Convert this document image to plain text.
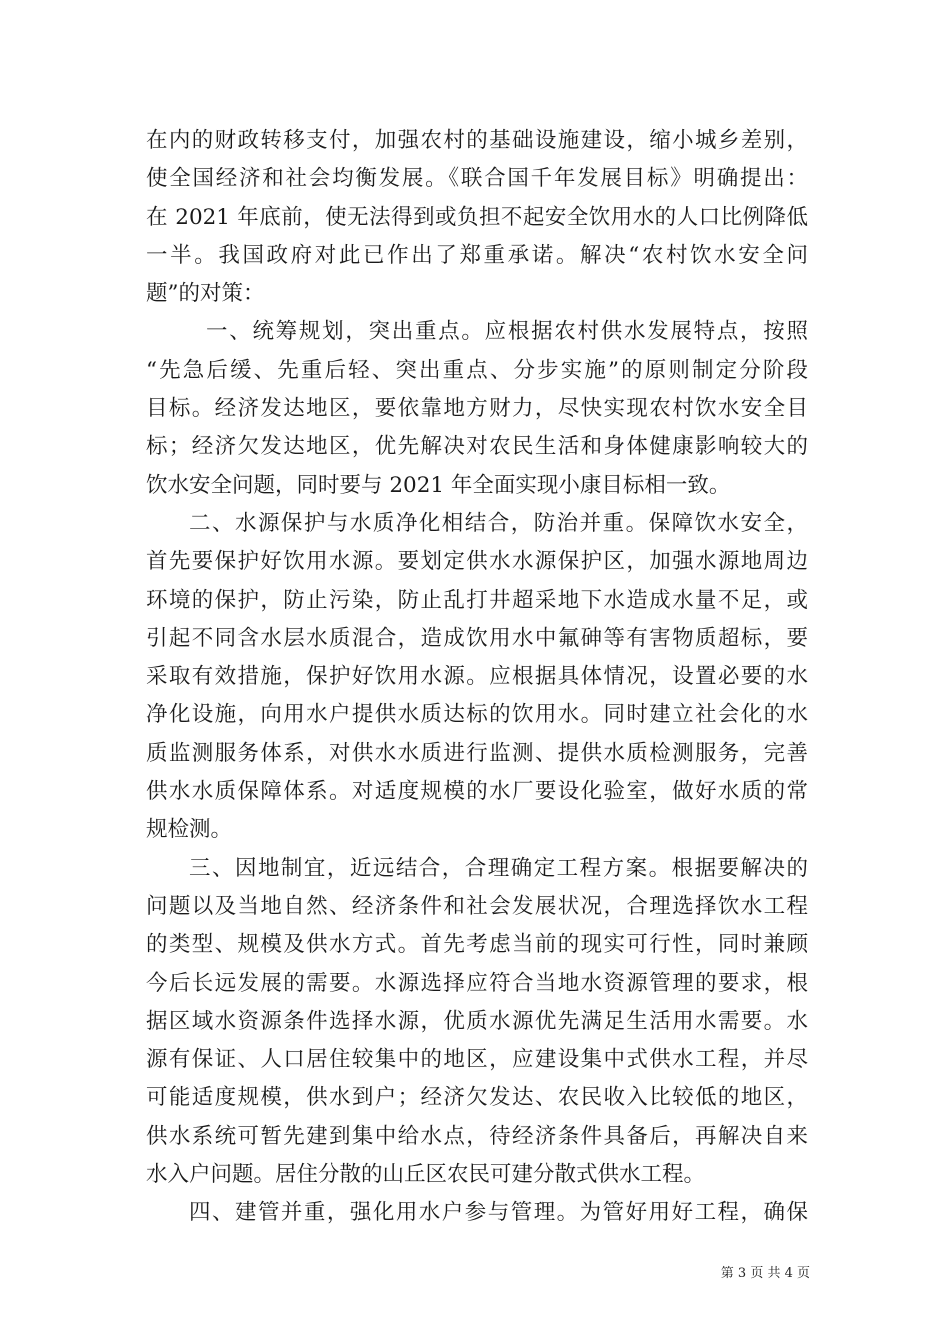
在内的财政转移支付，加强农村的基础设施建设，缩小城乡差别，
使全国经济和社会均衡发展。《联合国千年发展目标》明确提出：
在 2021 年底前，使无法得到或负担不起安全饮用水的人口比例降低
一半。我国政府对此已作出了郑重承诺。解决“农村饮水安全问
题”的对策：
一、统筹规划，突出重点。应根据农村供水发展特点，按照
“先急后缓、先重后轻、突出重点、分步实施”的原则制定分阶段
目标。经济发达地区，要依靠地方财力，尽快实现农村饮水安全目
标；经济欠发达地区，优先解决对农民生活和身体健康影响较大的
饮水安全问题，同时要与 2021 年全面实现小康目标相一致。
二、水源保护与水质净化相结合，防治并重。保障饮水安全，
首先要保护好饮用水源。要划定供水水源保护区，加强水源地周边
环境的保护，防止污染，防止乱打井超采地下水造成水量不足，或
引起不同含水层水质混合，造成饮用水中氟砷等有害物质超标，要
采取有效措施，保护好饮用水源。应根据具体情况，设置必要的水
净化设施，向用水户提供水质达标的饮用水。同时建立社会化的水
质监测服务体系，对供水水质进行监测、提供水质检测服务，完善
供水水质保障体系。对适度规模的水厂要设化验室，做好水质的常
规检测。
三、因地制宜，近远结合，合理确定工程方案。根据要解决的
问题以及当地自然、经济条件和社会发展状况，合理选择饮水工程
的类型、规模及供水方式。首先考虑当前的现实可行性，同时兼顾
今后长远发展的需要。水源选择应符合当地水资源管理的要求，根
据区域水资源条件选择水源，优质水源优先满足生活用水需要。水
源有保证、人口居住较集中的地区，应建设集中式供水工程，并尽
可能适度规模，供水到户；经济欠发达、农民收入比较低的地区，
供水系统可暂先建到集中给水点，待经济条件具备后，再解决自来
水入户问题。居住分散的山丘区农民可建分散式供水工程。
四、建管并重，强化用水户参与管理。为管好用好工程，确保
第 3 页 共 4 页
